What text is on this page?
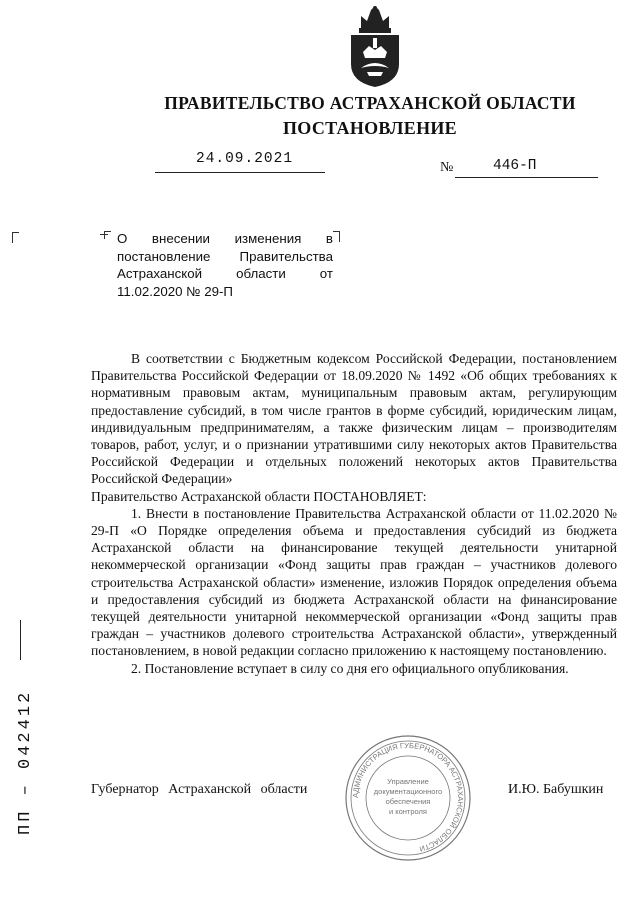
ПРАВИТЕЛЬСТВО АСТРАХАНСКОЙ ОБЛАСТИ
ПОСТАНОВЛЕНИЕ
24.09.2021
№	446-П
О внесении изменения в постановление Правительства Астраханской области от 11.02.2020 № 29-П

В соответствии с Бюджетным кодексом Российской Федерации, постановлением Правительства Российской Федерации от 18.09.2020 № 1492 «Об общих требованиях к нормативным правовым актам, муниципальным правовым актам, регулирующим предоставление субсидий, в том числе грантов в форме субсидий, юридическим лицам, индивидуальным предпринимателям, а также физическим лицам – производителям товаров, работ, услуг, и о признании утратившими силу некоторых актов Правительства Российской Федерации и отдельных положений некоторых актов Правительства Российской Федерации»

Правительство Астраханской области ПОСТАНОВЛЯЕТ:

1. Внести в постановление Правительства Астраханской области от 11.02.2020 № 29-П «О Порядке определения объема и предоставления субсидий из бюджета Астраханской области на финансирование текущей деятельности унитарной некоммерческой организации «Фонд защиты прав граждан – участников долевого строительства Астраханской области» изменение, изложив Порядок определения объема и предоставления субсидий из бюджета Астраханской области на финансирование текущей деятельности унитарной некоммерческой организации «Фонд защиты прав граждан – участников долевого строительства Астраханской области», утвержденный постановлением, в новой редакции согласно приложению к настоящему постановлению.

2. Постановление вступает в силу со дня его официального опубликования.

Губернатор Астраханской области	И.Ю. Бабушкин
АДМИНИСТРАЦИЯ ГУБЕРНАТОРА АСТРАХАНСКОЙ ОБЛАСТИ
Управление
документационного
обеспечения
и контроля
ПП – 042412
